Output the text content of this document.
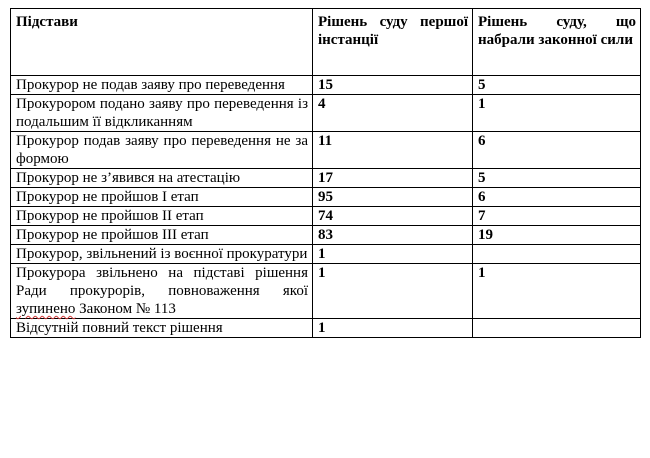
Підстави	Рішень суду першої інстанції	Рішень суду, що набрали законної сили
Прокурор не подав заяву про переведення	15	5
Прокурором подано заяву про переведення із подальшим її відкликанням	4	1
Прокурор подав заяву про переведення не за формою	11	6
Прокурор не з’явився на атестацію	17	5
Прокурор не пройшов I етап	95	6
Прокурор не пройшов II етап	74	7
Прокурор не пройшов III етап	83	19
Прокурор, звільнений із воєнної прокуратури	1	
Прокурора звільнено на підставі рішення Ради прокурорів, повноваження якої зупинено Законом № 113	1	1
Відсутній повний текст рішення	1	
